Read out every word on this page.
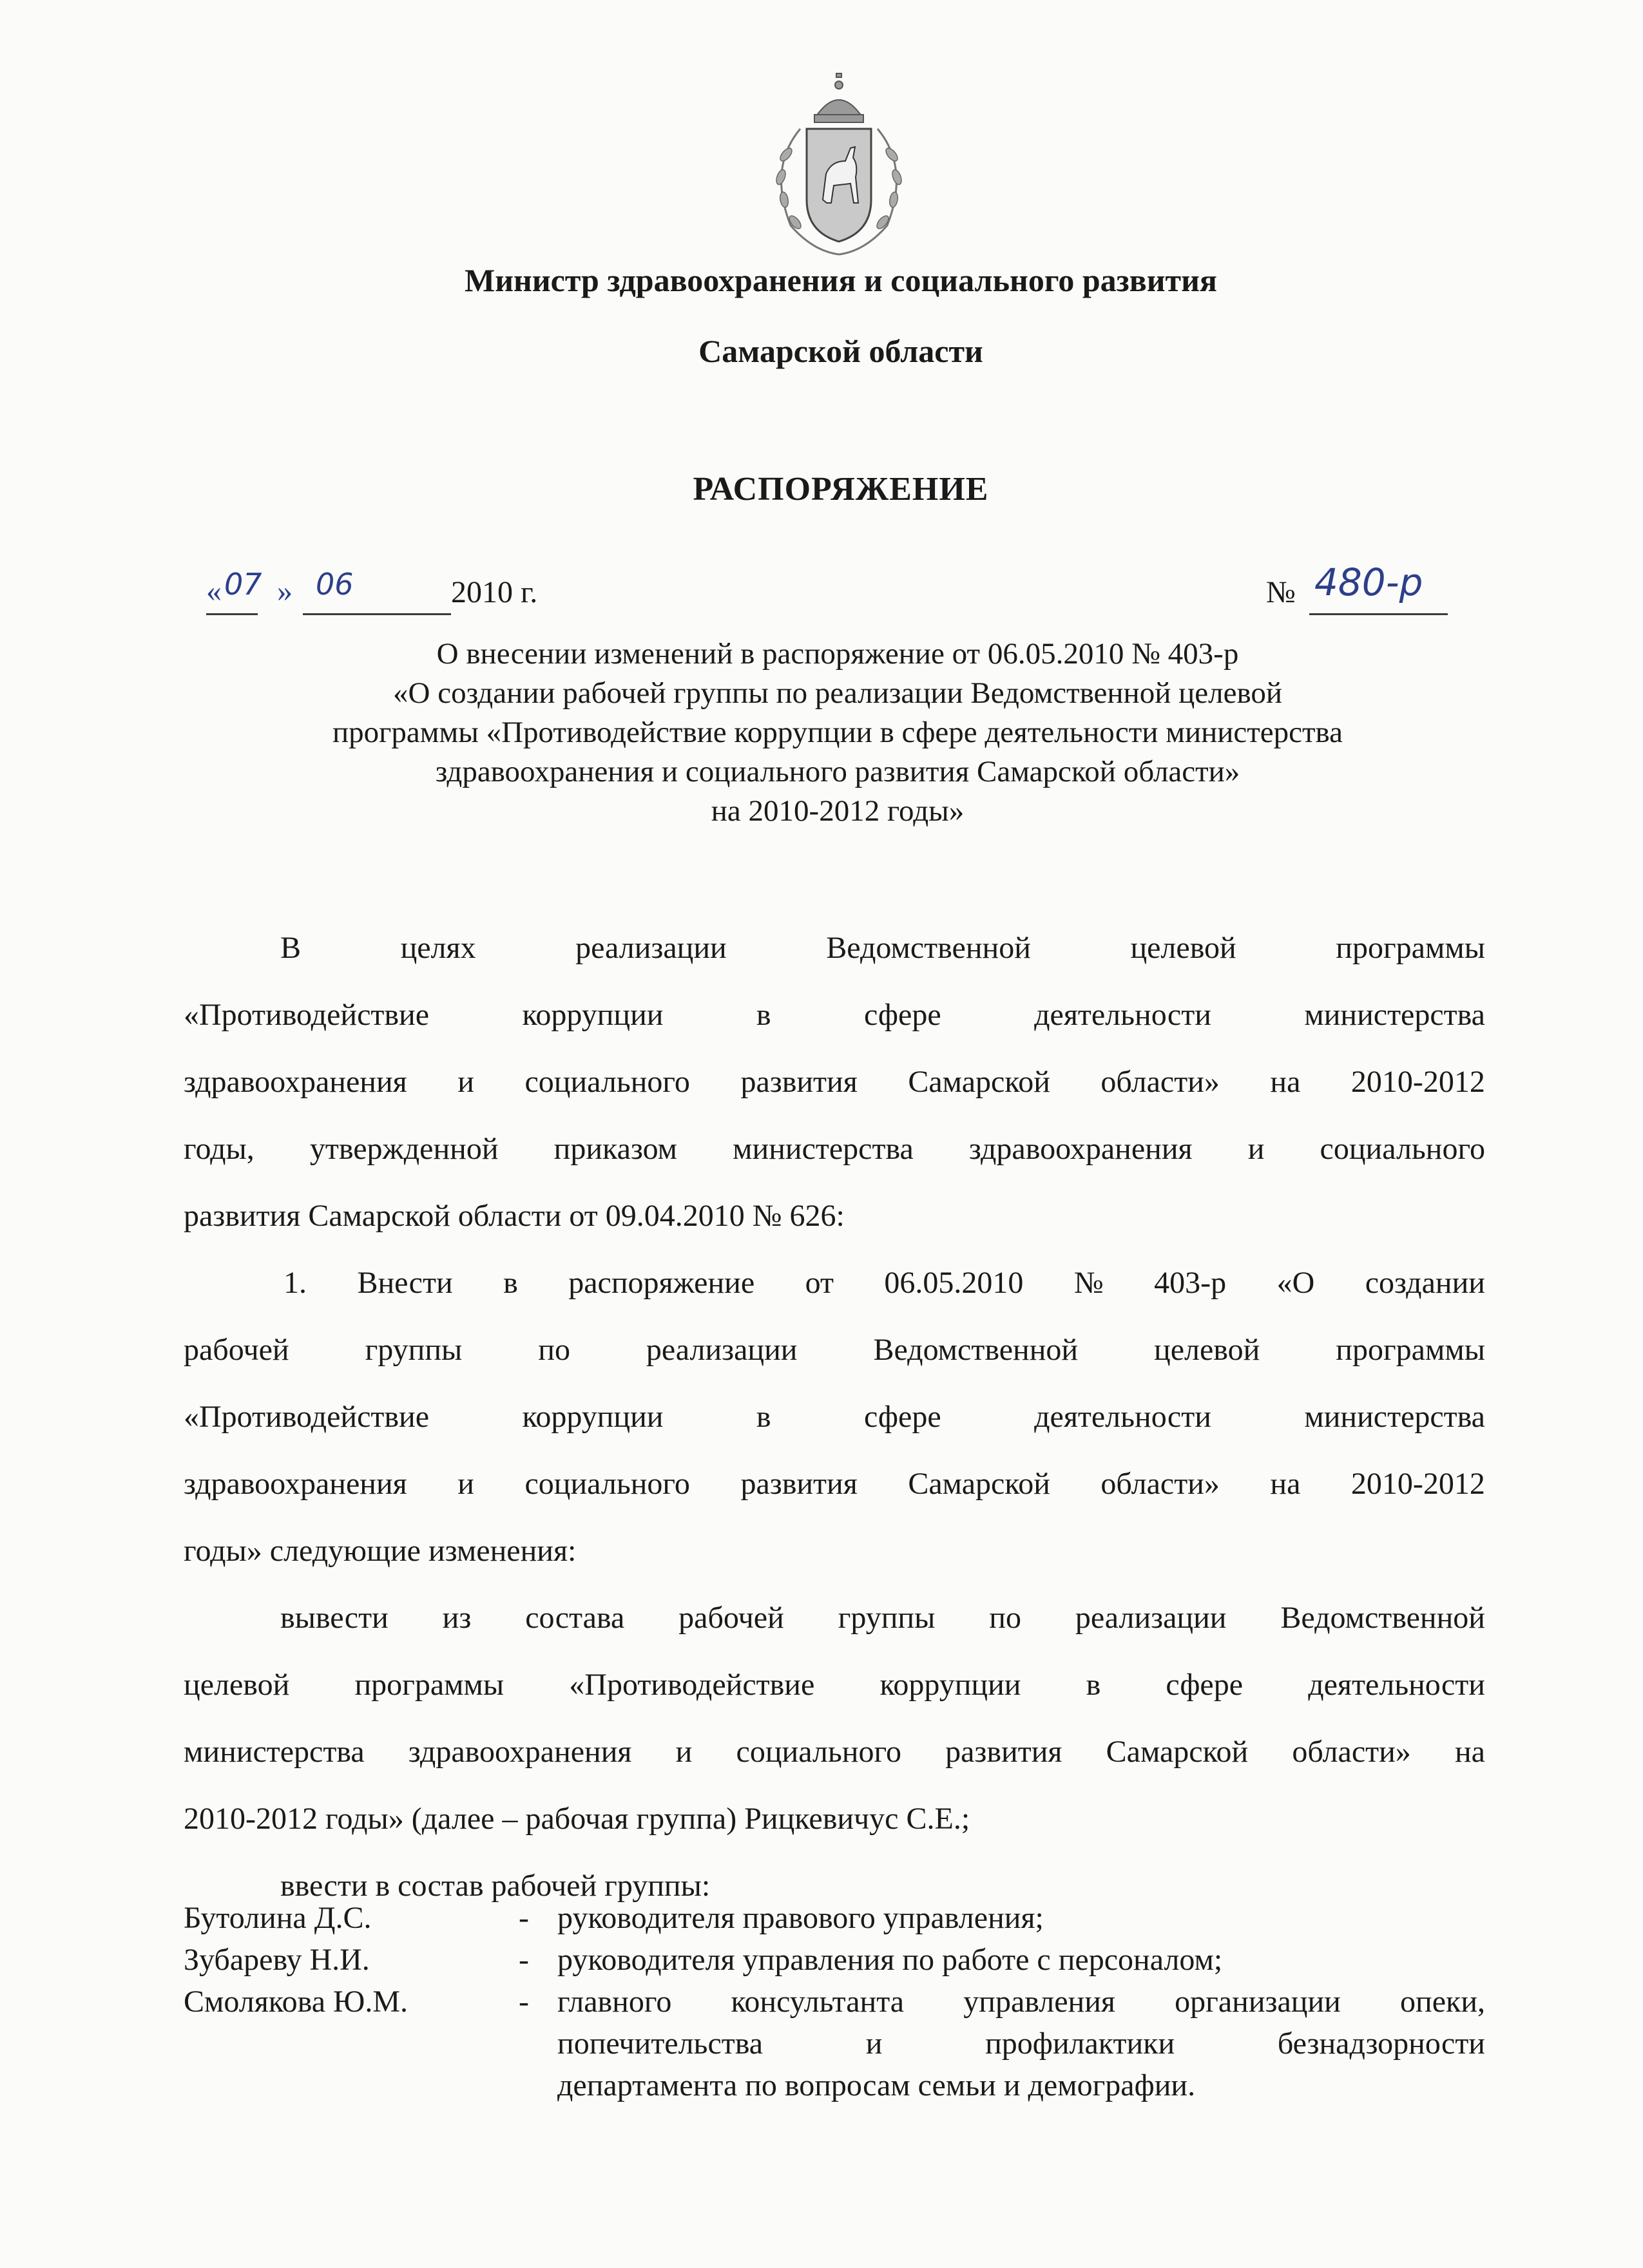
Министр здравоохранения и социального развития
Самарской области
РАСПОРЯЖЕНИЕ
« 07 » 06	2010 г.	№ 480-р
О внесении изменений в распоряжение от 06.05.2010 № 403-р
«О создании рабочей группы по реализации Ведомственной целевой
программы «Противодействие коррупции в сфере деятельности министерства
здравоохранения и социального развития Самарской области»
на 2010-2012 годы»
В	целях	реализации	Ведомственной	целевой	программы
«Противодействие	коррупции	в	сфере	деятельности	министерства
здравоохранения и социального развития Самарской области» на 2010-2012
годы, утвержденной приказом министерства здравоохранения и социального
развития Самарской области от 09.04.2010 № 626:
1. Внести в распоряжение от 06.05.2010 № 403-р «О создании
рабочей группы по реализации Ведомственной целевой программы
«Противодействие	коррупции	в	сфере	деятельности	министерства
здравоохранения и социального развития Самарской области» на 2010-2012
годы» следующие изменения:
вывести из состава рабочей группы по реализации Ведомственной
целевой программы «Противодействие коррупции в сфере деятельности
министерства здравоохранения и социального развития Самарской области» на
2010-2012 годы» (далее – рабочая группа) Рицкевичус С.Е.;
ввести в состав рабочей группы:
Бутолина Д.С.	- руководителя правового управления;
Зубареву Н.И.	- руководителя управления по работе с персоналом;
Смолякова Ю.М.	- главного консультанта управления организации опеки,
попечительства	и	профилактики	безнадзорности
департамента по вопросам семьи и демографии.
